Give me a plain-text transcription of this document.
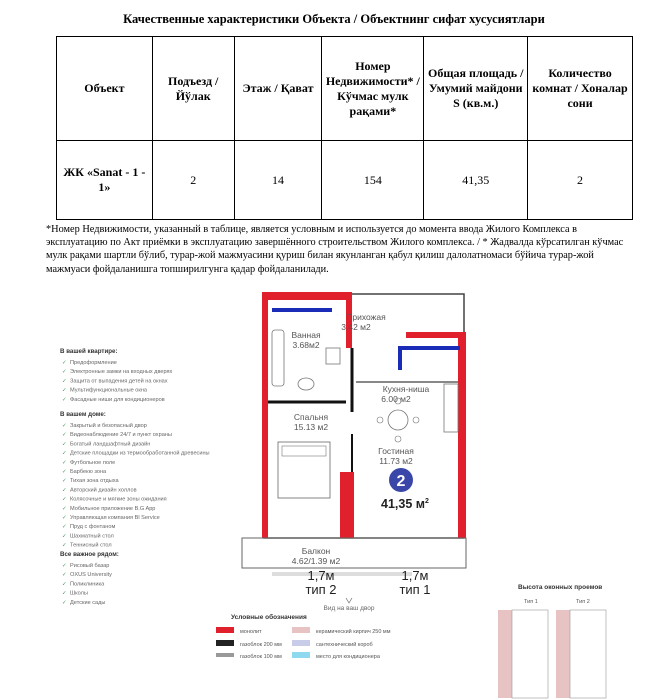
Качественные характеристики Объекта / Объектнинг сифат хусусиятлари
Объект	Подъезд / Йўлак	Этаж / Қават	Номер Недвижимости* / Кўчмас мулк рақами*	Общая площадь / Умумий майдони S (кв.м.)	Количество комнат / Хоналар сони
ЖК «Sanat - 1 - 1»	2	14	154	41,35	2
*Номер Недвижимости, указанный в таблице, является условным и используется до момента ввода Жилого Комплекса в эксплуатацию по Акт приёмки в эксплуатацию завершённого строительством Жилого комплекса. / * Жадвалда кўрсатилган кўчмас мулк рақами шартли бўлиб, турар-жой мажмуасини қуриш билан якунланган қабул қилиш далолатномаси бўйича турар-жой мажмуаси фойдаланишга топширилгунга қадар фойдаланилади.
В вашей квартире:
✓ Предоформление
✓ Электронные замки на входных дверях
✓ Защита от выпадения детей на окнах
✓ Мультифункциональные окна
✓ Фасадные ниши для кондиционеров
В вашем доме:
✓ Закрытый и безопасный двор
✓ Видеонаблюдение 24/7 и пункт охраны
✓ Богатый ландшафтный дизайн
✓ Детские площадки из термообработанной древесины
✓ Футбольное поле
✓ Барбекю зона
✓ Тихая зона отдыха
✓ Авторский дизайн холлов
✓ Колясочные и мягкие зоны ожидания
✓ Мобильное приложение B.G App
✓ Управляющая компания Bl Service
✓ Пруд с фонтаном
✓ Шахматный стол
✓ Теннисный стол
Все важное рядом:
✓ Рисовый базар
✓ OXUS University
✓ Поликлиника
✓ Школы
✓ Детские сады
Прихожая
3.42 м2
Ванная
3.68м2
Кухня-ниша
6.00 м2
Спальня
15.13 м2
Гостиная
11.73 м2
Балкон
4.62/1.39 м2
2
41,35 $м^2$
1,7м
тип 2
1,7м
тип 1
Вид на ваш двор
Условные обозначения
монолит	керамический кирпич 250 мм
газоблок 200 мм	сантехнический короб
газоблок 100 мм	место для кондиционера
Высота оконных проемов
Тип 1	Тип 2
